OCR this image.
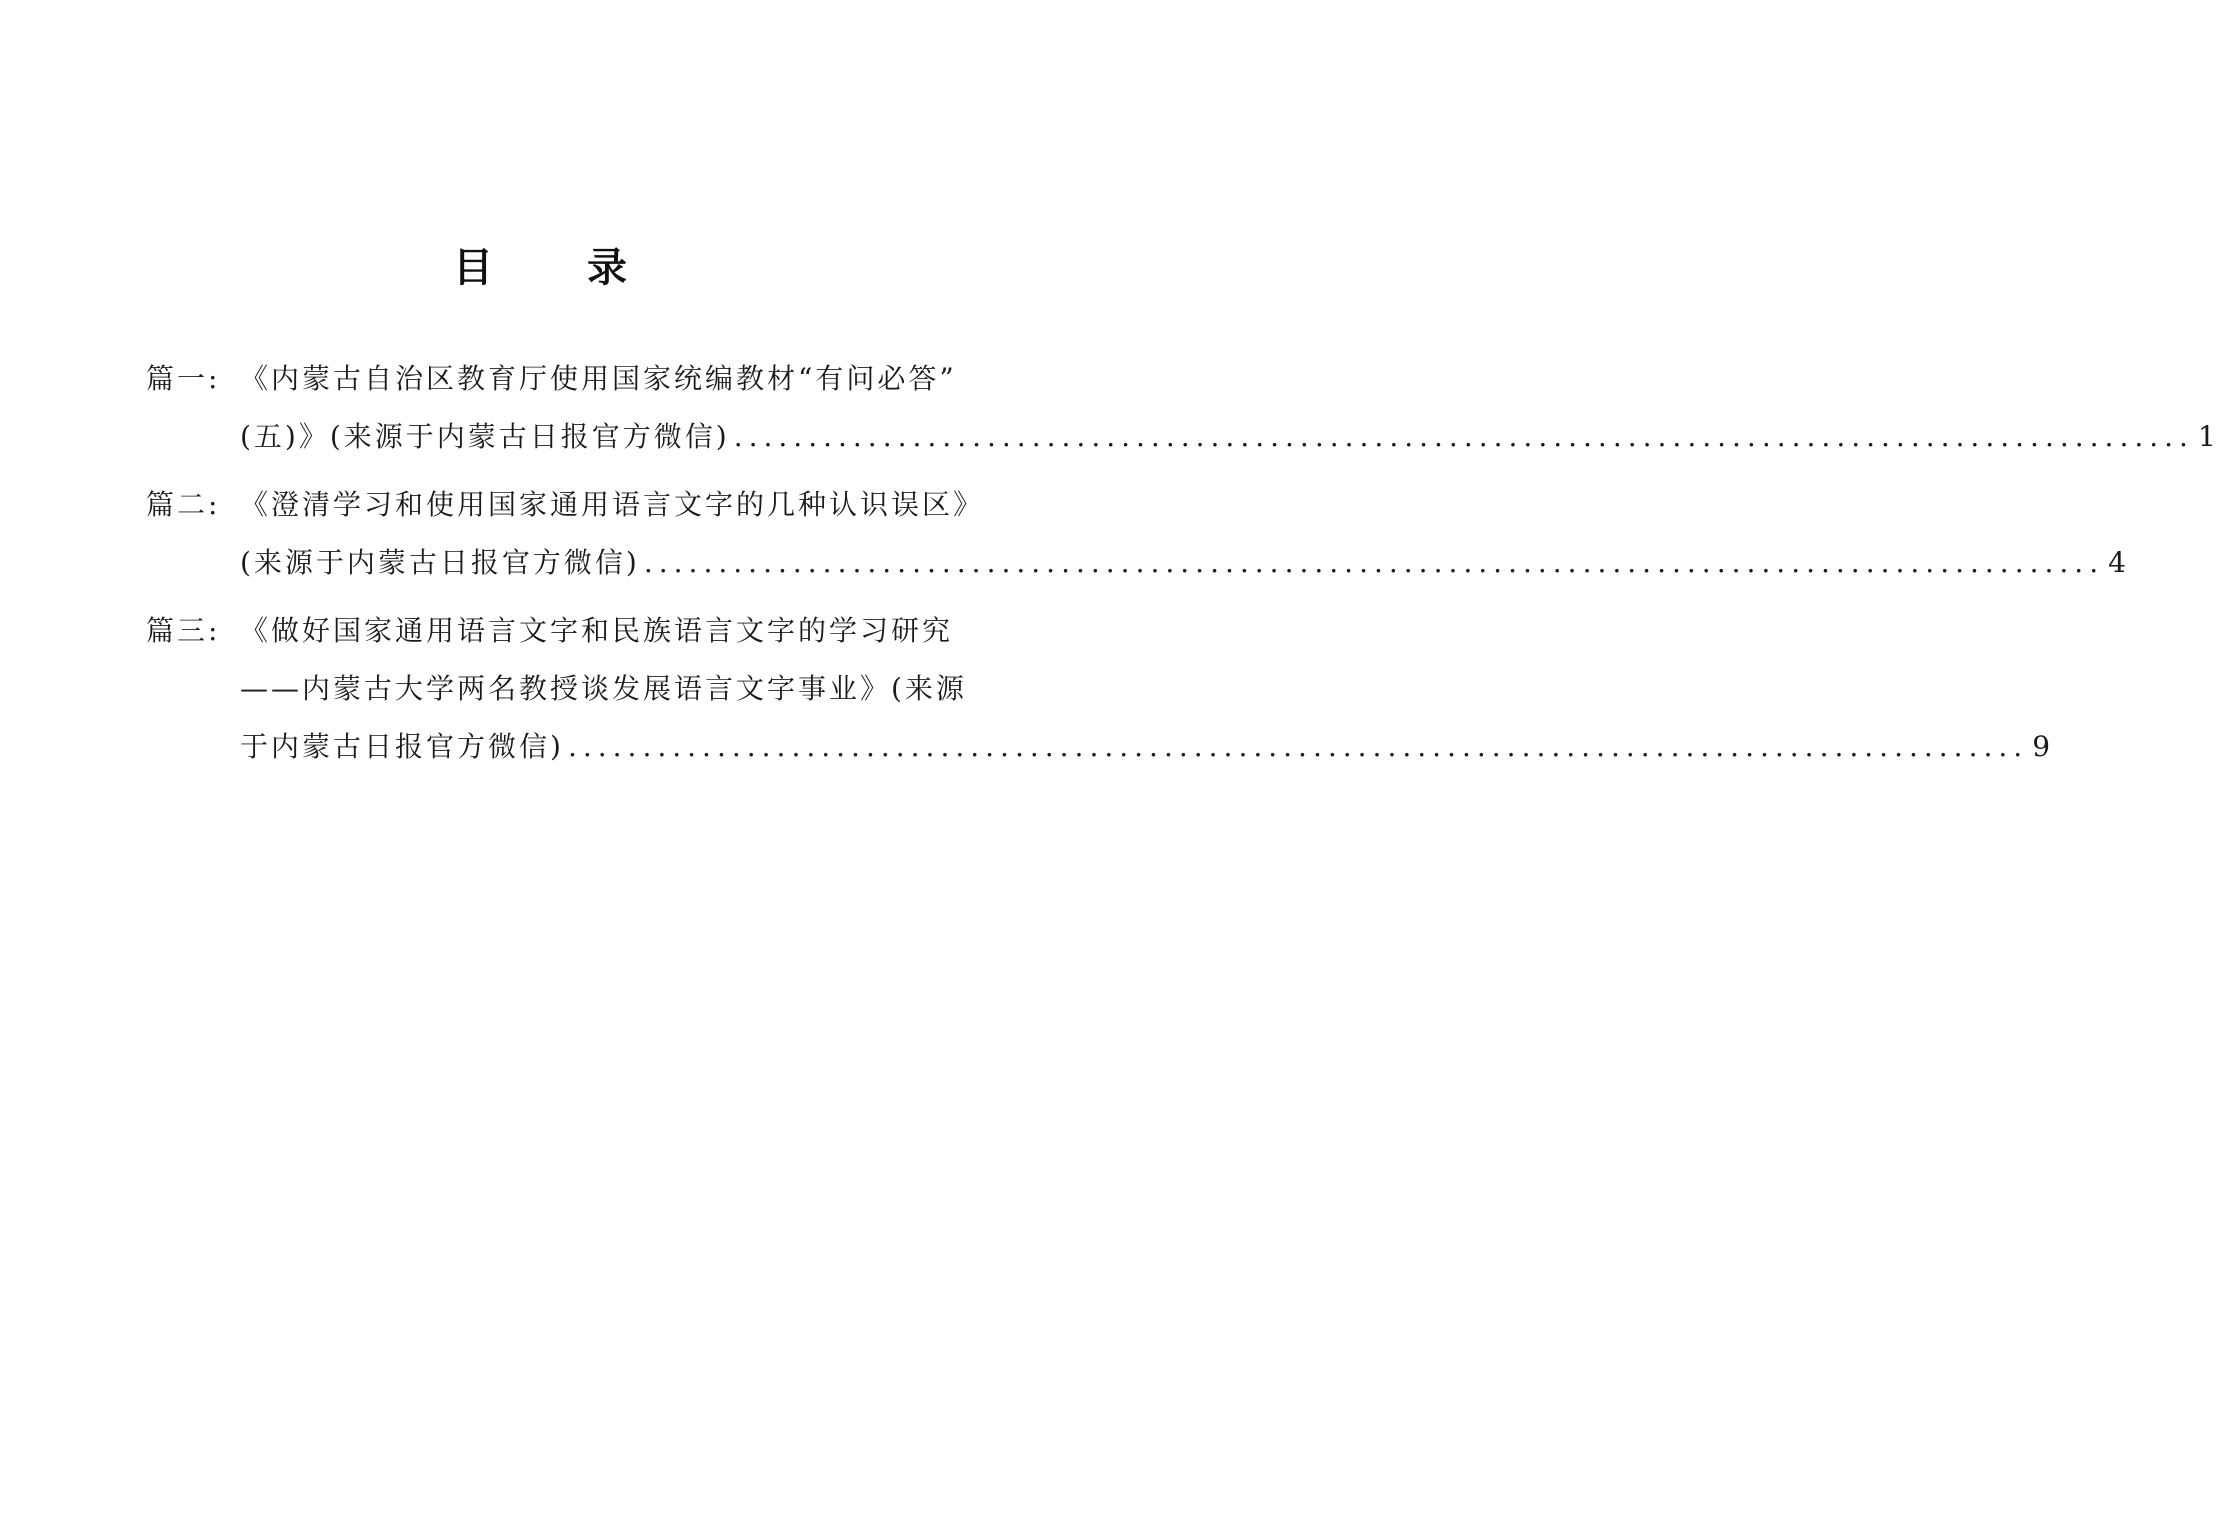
目 录
篇一: 《内蒙古自治区教育厅使用国家统编教材“有问必答”
(五)》(来源于内蒙古日报官方微信) .................................................................................................. 1
篇二: 《澄清学习和使用国家通用语言文字的几种认识误区》
(来源于内蒙古日报官方微信) .................................................................................................. 4
篇三: 《做好国家通用语言文字和民族语言文字的学习研究
——内蒙古大学两名教授谈发展语言文字事业》(来源
于内蒙古日报官方微信) .................................................................................................. 9
